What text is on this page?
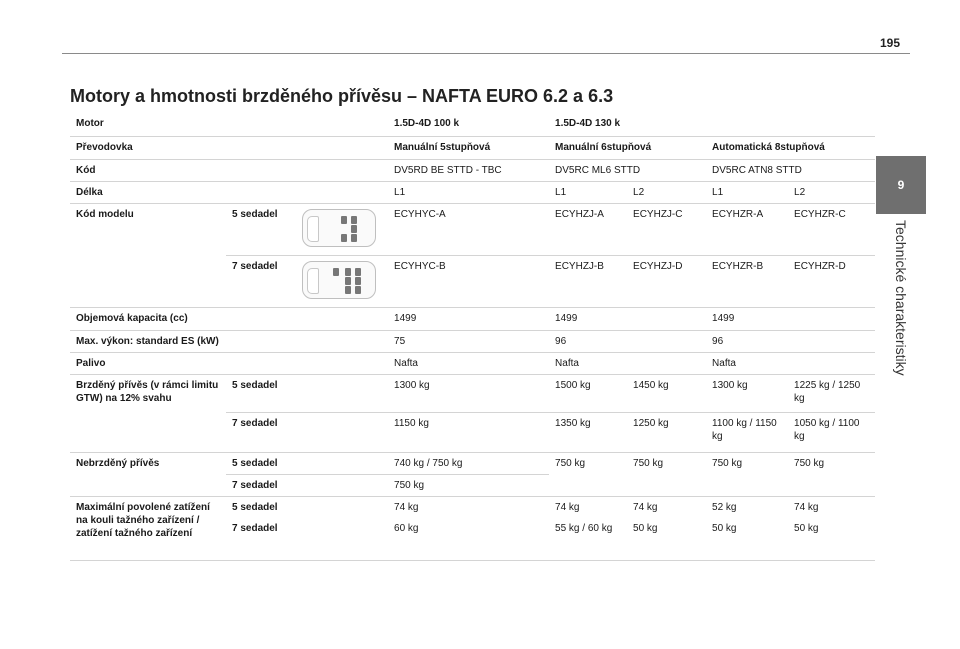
195
Motory a hmotnosti brzděného přívěsu – NAFTA EURO 6.2 a 6.3
9
Technické charakteristiky
Motor			1.5D-4D 100 k	1.5D-4D 130 k			
Převodovka			Manuální 5stupňová	Manuální 6stupňová		Automatická 8stupňová	
Kód			DV5RD BE STTD - TBC	DV5RC ML6 STTD		DV5RC ATN8 STTD	
Délka			L1	L1	L2	L1	L2
Kód modelu	5 sedadel		ECYHYC-A	ECYHZJ-A	ECYHZJ-C	ECYHZR-A	ECYHZR-C
	7 sedadel		ECYHYC-B	ECYHZJ-B	ECYHZJ-D	ECYHZR-B	ECYHZR-D
Objemová kapacita (cc)			1499	1499		1499	
Max. výkon: standard ES (kW)			75	96		96	
Palivo			Nafta	Nafta		Nafta	
Brzděný přívěs (v rámci limitu GTW) na 12% svahu	5 sedadel		1300 kg	1500 kg	1450 kg	1300 kg	1225 kg / 1250 kg
	7 sedadel		1150 kg	1350 kg	1250 kg	1100 kg / 1150 kg	1050 kg / 1100 kg
Nebrzděný přívěs	5 sedadel		740 kg / 750 kg	750 kg	750 kg	750 kg	750 kg
	7 sedadel		750 kg				
Maximální povolené zatížení na kouli tažného zařízení / zatížení tažného zařízení	5 sedadel		74 kg	74 kg	74 kg	52 kg	74 kg
	7 sedadel		60 kg	55 kg / 60 kg	50 kg	50 kg	50 kg
